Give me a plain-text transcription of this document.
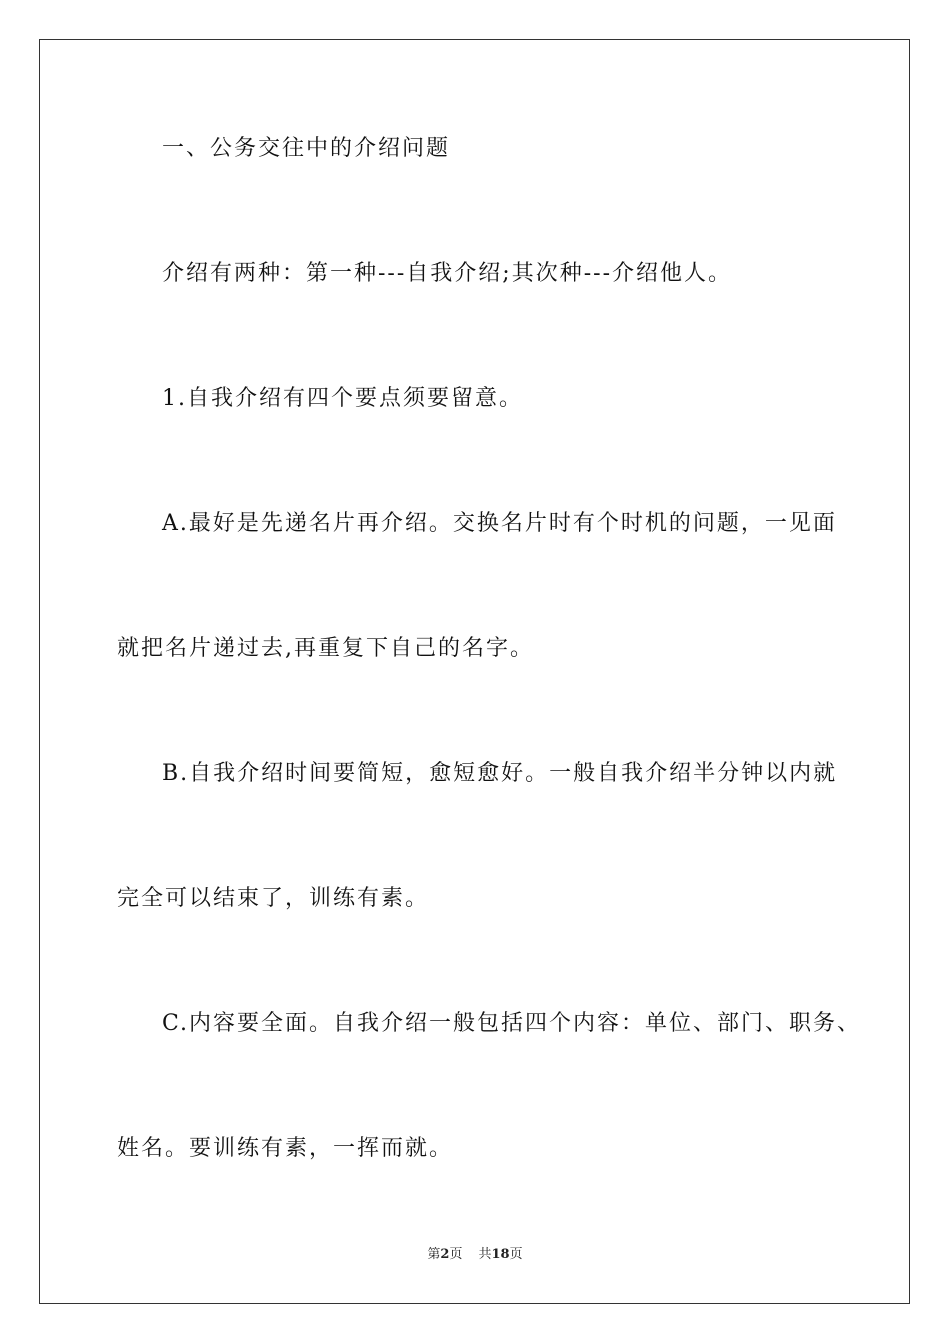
一、公务交往中的介绍问题
介绍有两种：第一种---自我介绍;其次种---介绍他人。
1.自我介绍有四个要点须要留意。
A.最好是先递名片再介绍。交换名片时有个时机的问题，一见面
就把名片递过去,再重复下自己的名字。
B.自我介绍时间要简短，愈短愈好。一般自我介绍半分钟以内就
完全可以结束了，训练有素。
C.内容要全面。自我介绍一般包括四个内容：单位、部门、职务、
姓名。要训练有素，一挥而就。
第2页 共18页
